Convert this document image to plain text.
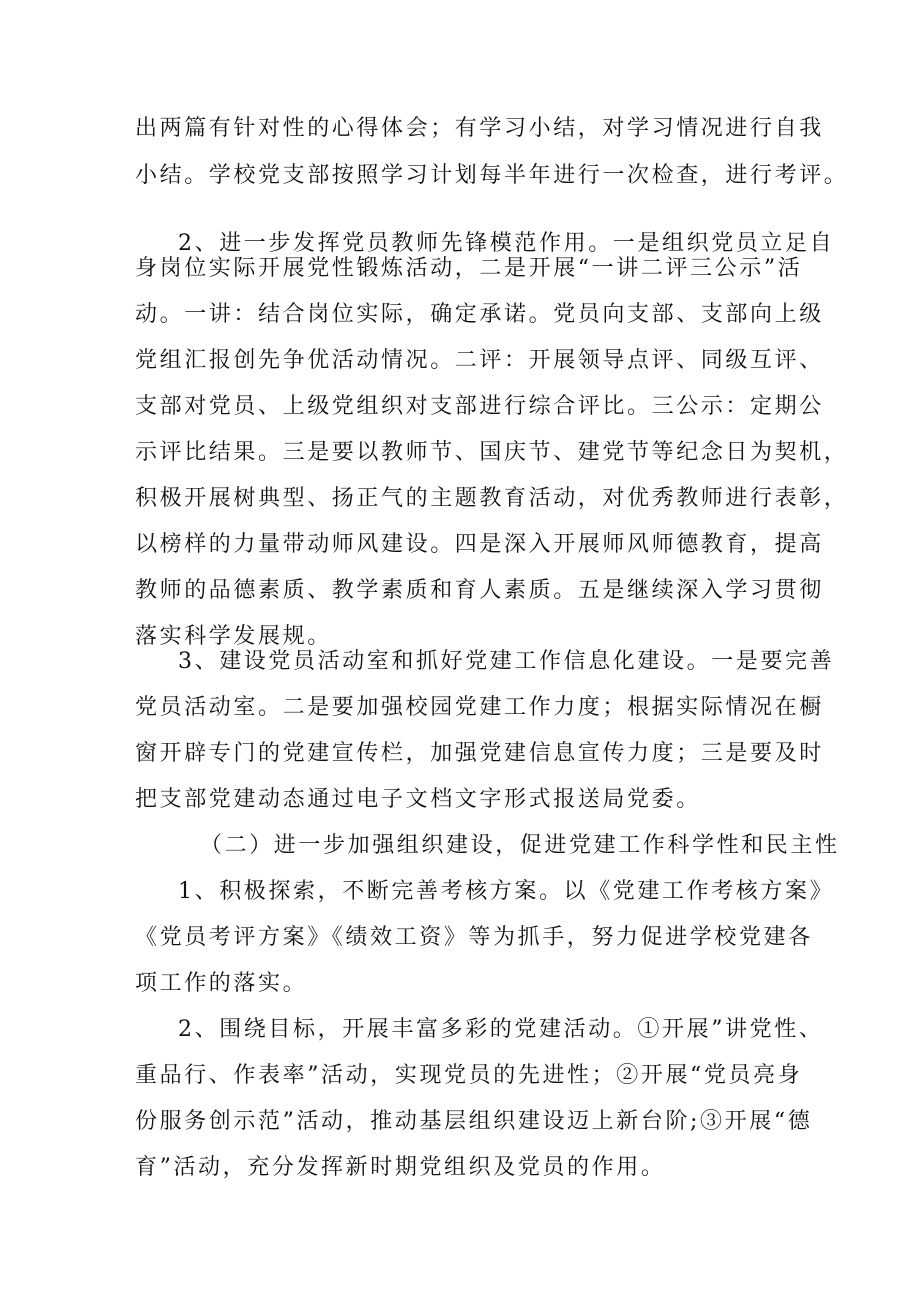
出两篇有针对性的心得体会；有学习小结，对学习情况进行自我
小结。学校党支部按照学习计划每半年进行一次检查，进行考评。
2、进一步发挥党员教师先锋模范作用。一是组织党员立足自
身岗位实际开展党性锻炼活动，二是开展“一讲二评三公示”活
动。一讲：结合岗位实际，确定承诺。党员向支部、支部向上级
党组汇报创先争优活动情况。二评：开展领导点评、同级互评、
支部对党员、上级党组织对支部进行综合评比。三公示：定期公
示评比结果。三是要以教师节、国庆节、建党节等纪念日为契机，
积极开展树典型、扬正气的主题教育活动，对优秀教师进行表彰，
以榜样的力量带动师风建设。四是深入开展师风师德教育，提高
教师的品德素质、教学素质和育人素质。五是继续深入学习贯彻
落实科学发展规。
3、建设党员活动室和抓好党建工作信息化建设。一是要完善
党员活动室。二是要加强校园党建工作力度；根据实际情况在橱
窗开辟专门的党建宣传栏，加强党建信息宣传力度；三是要及时
把支部党建动态通过电子文档文字形式报送局党委。
（二）进一步加强组织建设，促进党建工作科学性和民主性
1、积极探索，不断完善考核方案。以《党建工作考核方案》
《党员考评方案》《绩效工资》等为抓手，努力促进学校党建各
项工作的落实。
2、围绕目标，开展丰富多彩的党建活动。①开展”讲党性、
重品行、作表率”活动，实现党员的先进性；②开展“党员亮身
份服务创示范”活动，推动基层组织建设迈上新台阶;③开展“德
育”活动，充分发挥新时期党组织及党员的作用。
